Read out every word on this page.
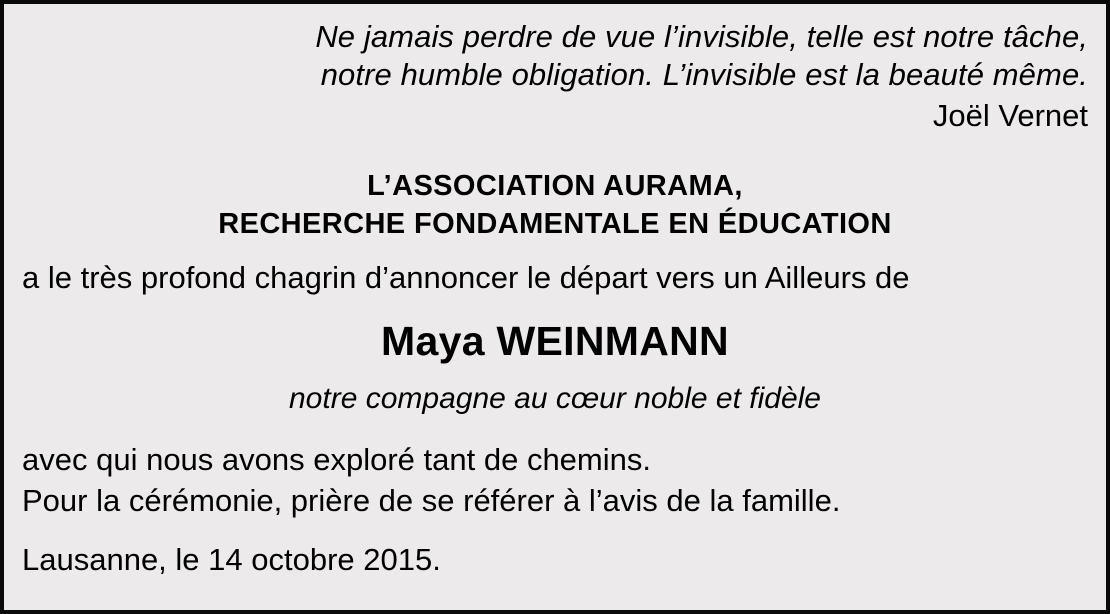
Ne jamais perdre de vue l’invisible, telle est notre tâche,
notre humble obligation. L’invisible est la beauté même.
Joël Vernet
L’ASSOCIATION AURAMA,
RECHERCHE FONDAMENTALE EN ÉDUCATION
a le très profond chagrin d’annoncer le départ vers un Ailleurs de
Maya WEINMANN
notre compagne au cœur noble et fidèle
avec qui nous avons exploré tant de chemins.
Pour la cérémonie, prière de se référer à l’avis de la famille.
Lausanne, le 14 octobre 2015.
